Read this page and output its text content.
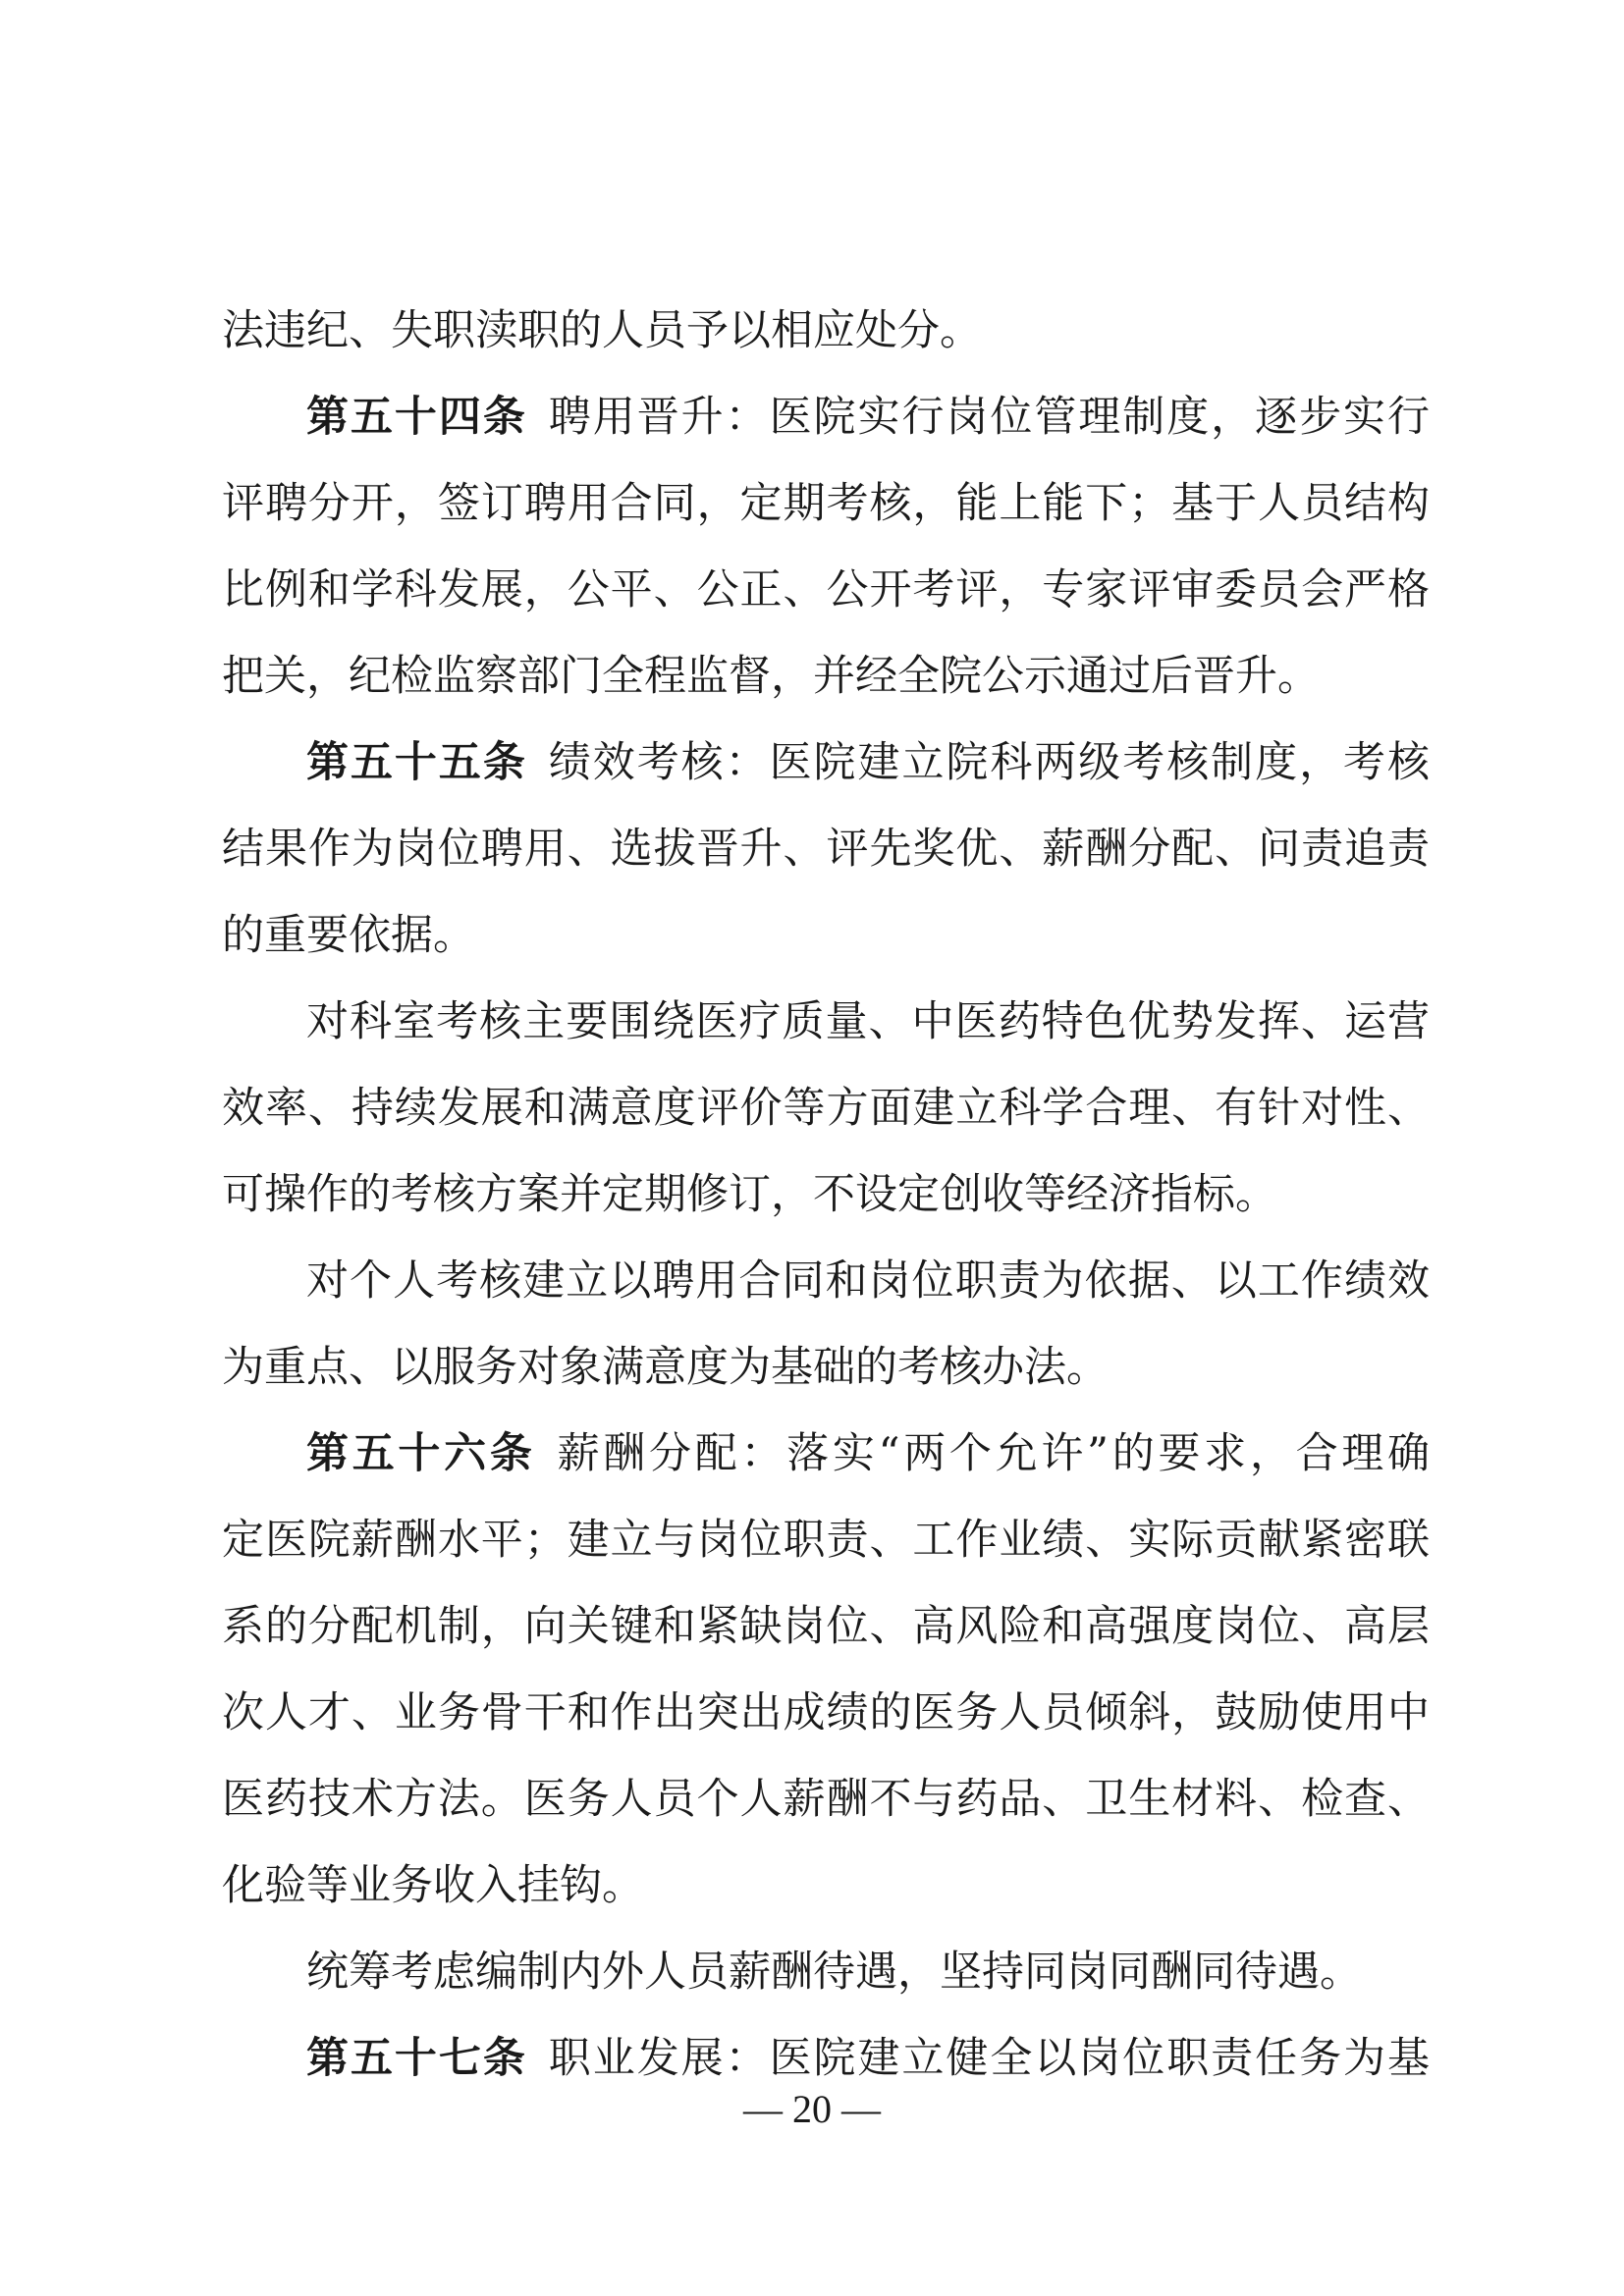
法违纪、失职渎职的人员予以相应处分。
第五十四条 聘用晋升：医院实行岗位管理制度，逐步实行
评聘分开，签订聘用合同，定期考核，能上能下；基于人员结构
比例和学科发展，公平、公正、公开考评，专家评审委员会严格
把关，纪检监察部门全程监督，并经全院公示通过后晋升。
第五十五条 绩效考核：医院建立院科两级考核制度，考核
结果作为岗位聘用、选拔晋升、评先奖优、薪酬分配、问责追责
的重要依据。
对科室考核主要围绕医疗质量、中医药特色优势发挥、运营
效率、持续发展和满意度评价等方面建立科学合理、有针对性、
可操作的考核方案并定期修订，不设定创收等经济指标。
对个人考核建立以聘用合同和岗位职责为依据、以工作绩效
为重点、以服务对象满意度为基础的考核办法。
第五十六条 薪酬分配：落实“两个允许”的要求，合理确
定医院薪酬水平；建立与岗位职责、工作业绩、实际贡献紧密联
系的分配机制，向关键和紧缺岗位、高风险和高强度岗位、高层
次人才、业务骨干和作出突出成绩的医务人员倾斜，鼓励使用中
医药技术方法。医务人员个人薪酬不与药品、卫生材料、检查、
化验等业务收入挂钩。
统筹考虑编制内外人员薪酬待遇，坚持同岗同酬同待遇。
第五十七条 职业发展：医院建立健全以岗位职责任务为基
— 20 —
